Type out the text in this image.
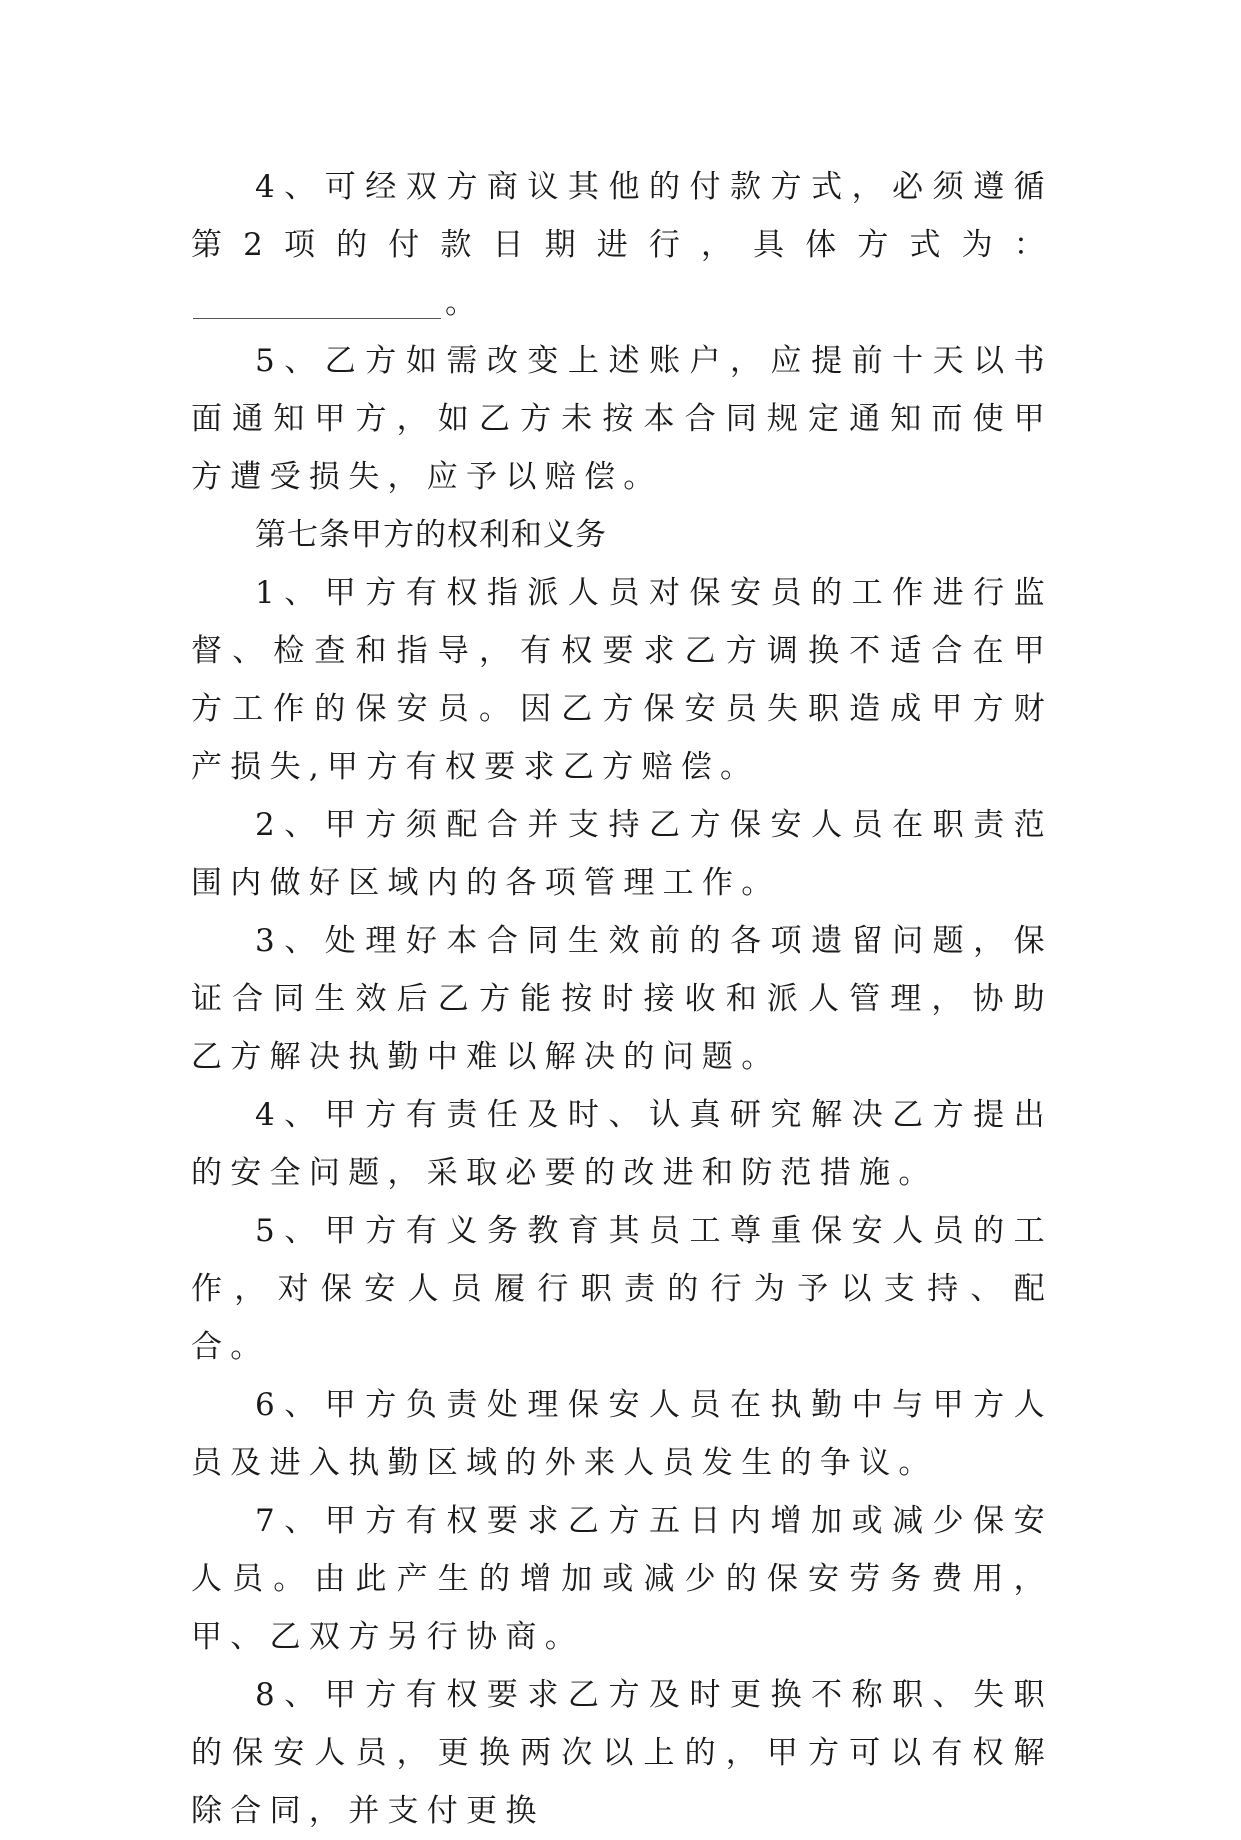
4、可经双方商议其他的付款方式，必须遵循第2项的付款日期进行，具体方式为：。

5、乙方如需改变上述账户，应提前十天以书面通知甲方，如乙方未按本合同规定通知而使甲方遭受损失，应予以赔偿。

第七条甲方的权利和义务

1、甲方有权指派人员对保安员的工作进行监督、检查和指导，有权要求乙方调换不适合在甲方工作的保安员。因乙方保安员失职造成甲方财产损失,甲方有权要求乙方赔偿。

2、甲方须配合并支持乙方保安人员在职责范围内做好区域内的各项管理工作。

3、处理好本合同生效前的各项遗留问题，保证合同生效后乙方能按时接收和派人管理，协助乙方解决执勤中难以解决的问题。

4、甲方有责任及时、认真研究解决乙方提出的安全问题，采取必要的改进和防范措施。

5、甲方有义务教育其员工尊重保安人员的工作，对保安人员履行职责的行为予以支持、配合。

6、甲方负责处理保安人员在执勤中与甲方人员及进入执勤区域的外来人员发生的争议。

7、甲方有权要求乙方五日内增加或减少保安人员。由此产生的增加或减少的保安劳务费用，甲、乙双方另行协商。

8、甲方有权要求乙方及时更换不称职、失职的保安人员，更换两次以上的，甲方可以有权解除合同，并支付更换
